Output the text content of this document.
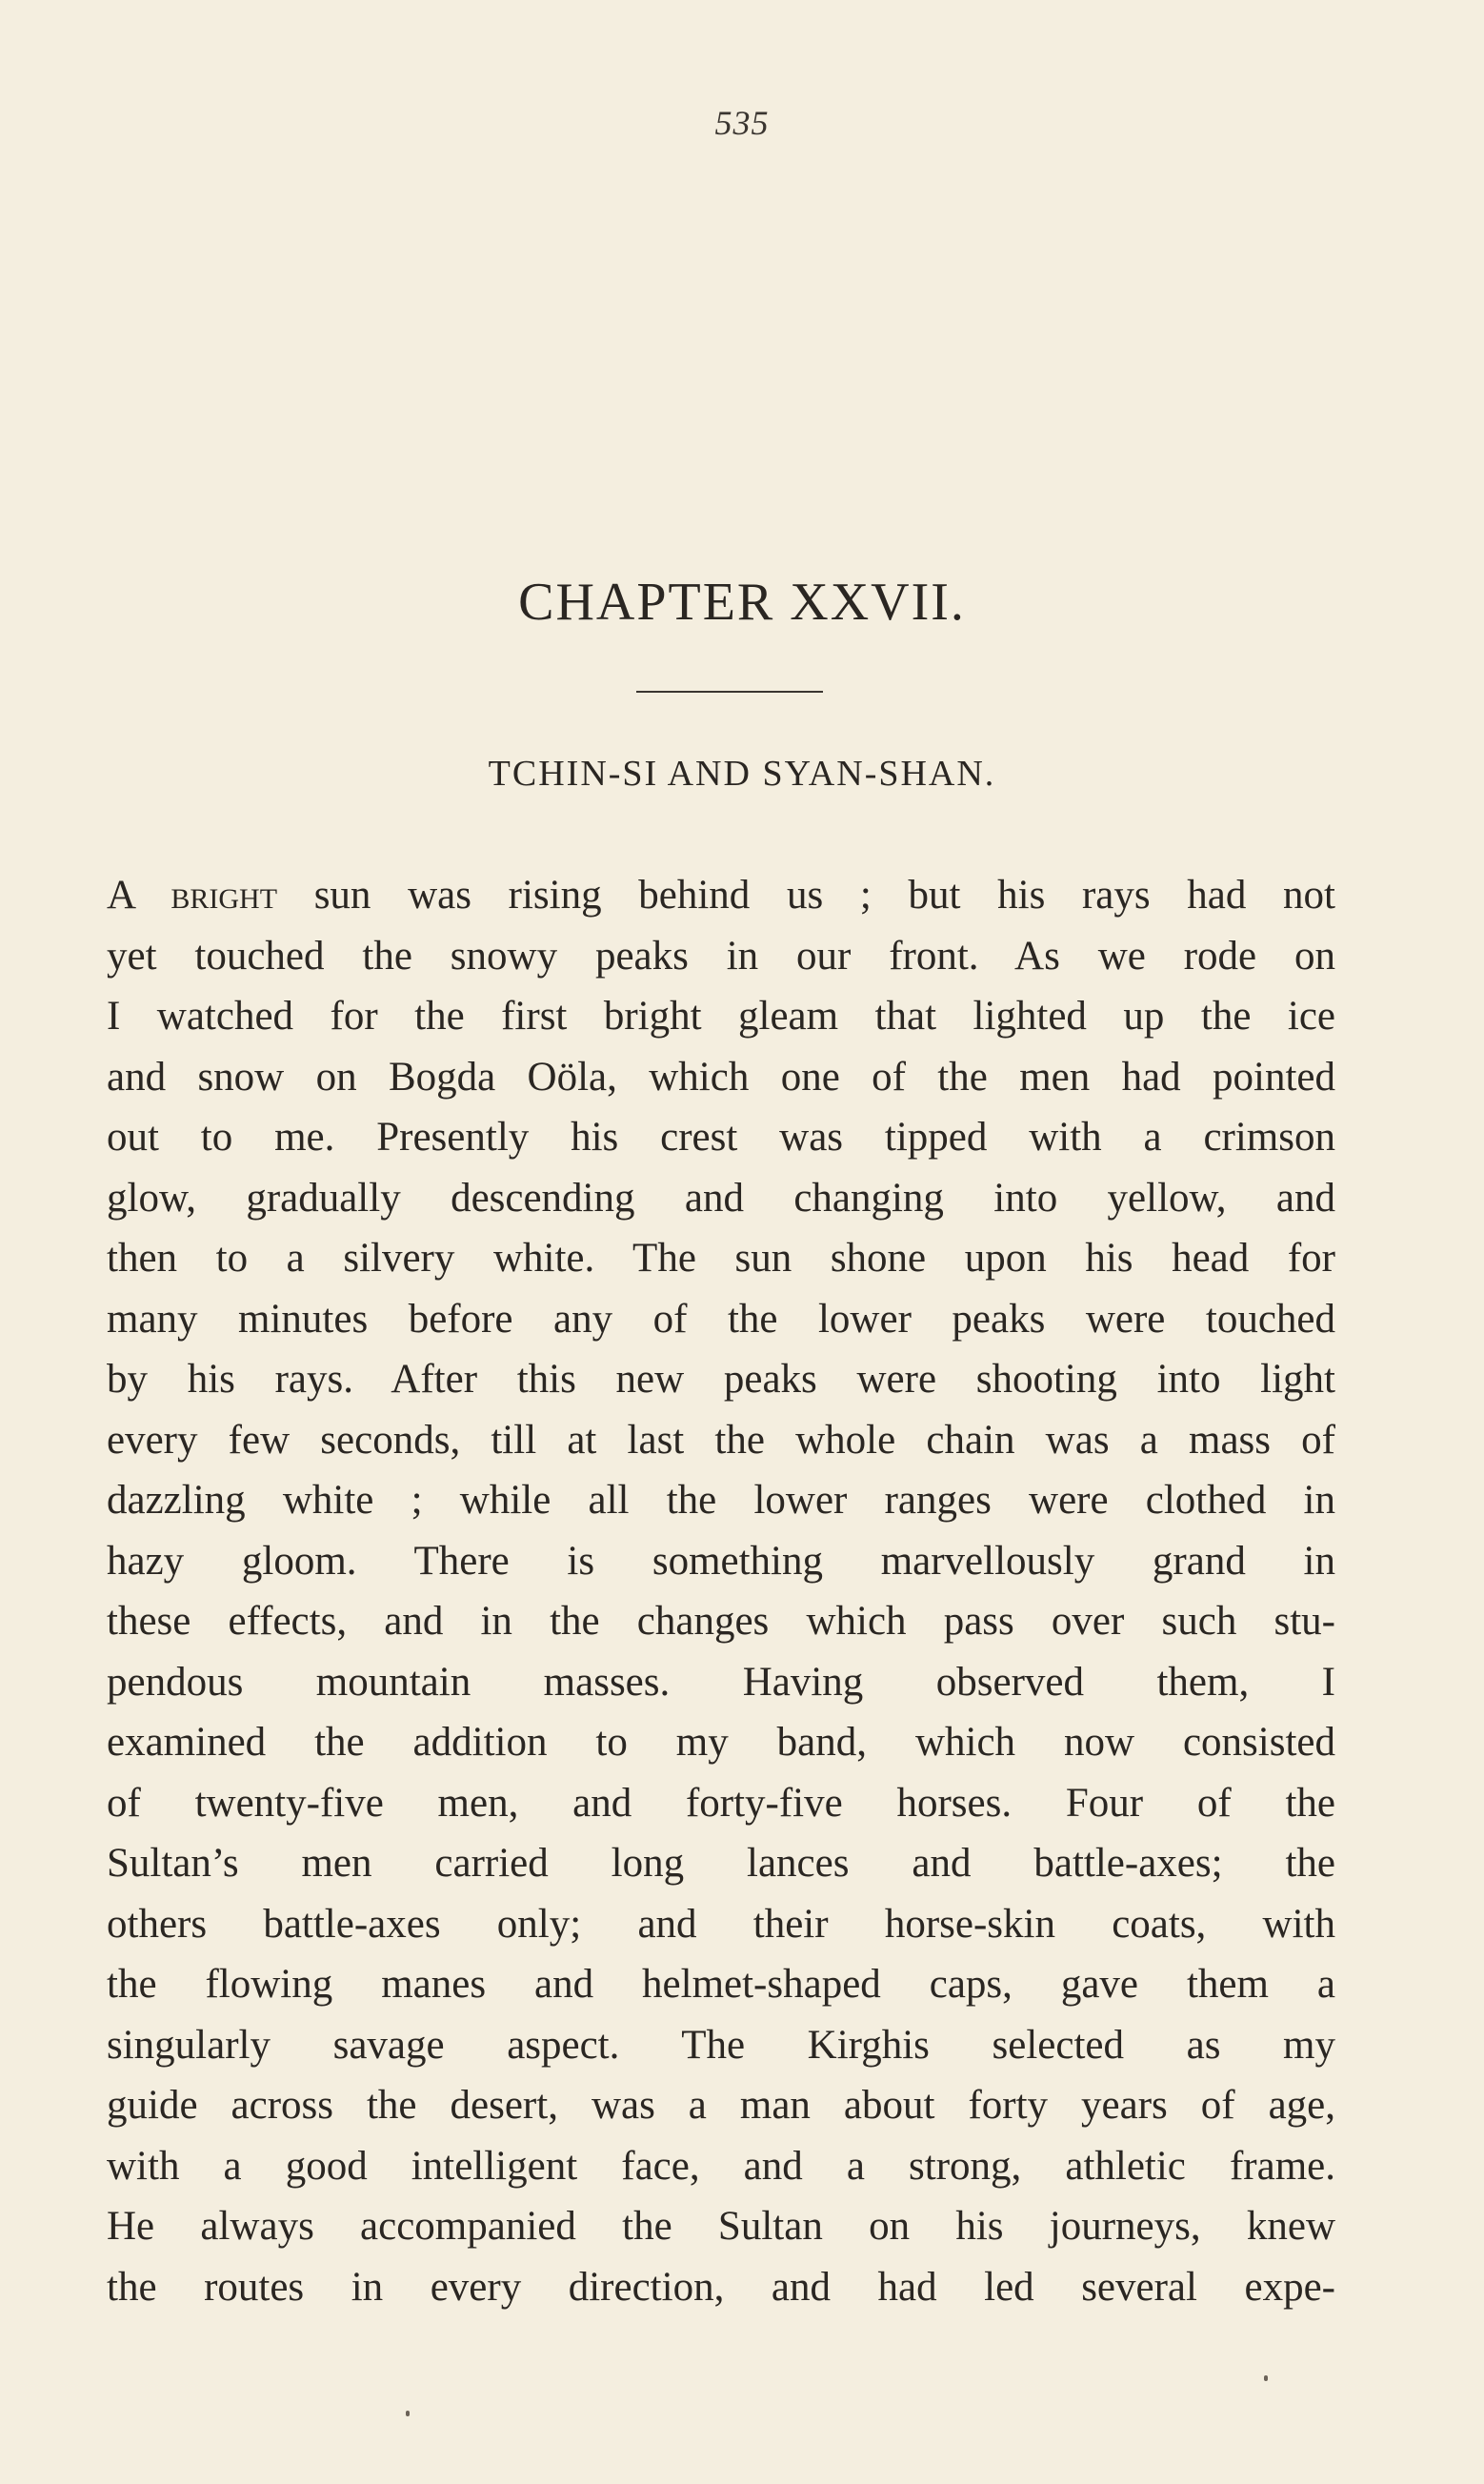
535
CHAPTER XXVII.
TCHIN-SI AND SYAN-SHAN.
A bright sun was rising behind us ; but his rays had not
yet touched the snowy peaks in our front. As we rode on
I watched for the first bright gleam that lighted up the ice
and snow on Bogda Oöla, which one of the men had pointed
out to me. Presently his crest was tipped with a crimson
glow, gradually descending and changing into yellow, and
then to a silvery white. The sun shone upon his head for
many minutes before any of the lower peaks were touched
by his rays. After this new peaks were shooting into light
every few seconds, till at last the whole chain was a mass of
dazzling white ; while all the lower ranges were clothed in
hazy gloom. There is something marvellously grand in
these effects, and in the changes which pass over such stu-
pendous mountain masses. Having observed them, I
examined the addition to my band, which now consisted
of twenty-five men, and forty-five horses. Four of the
Sultan’s men carried long lances and battle-axes; the
others battle-axes only; and their horse-skin coats, with
the flowing manes and helmet-shaped caps, gave them a
singularly savage aspect. The Kirghis selected as my
guide across the desert, was a man about forty years of age,
with a good intelligent face, and a strong, athletic frame.
He always accompanied the Sultan on his journeys, knew
the routes in every direction, and had led several expe-
